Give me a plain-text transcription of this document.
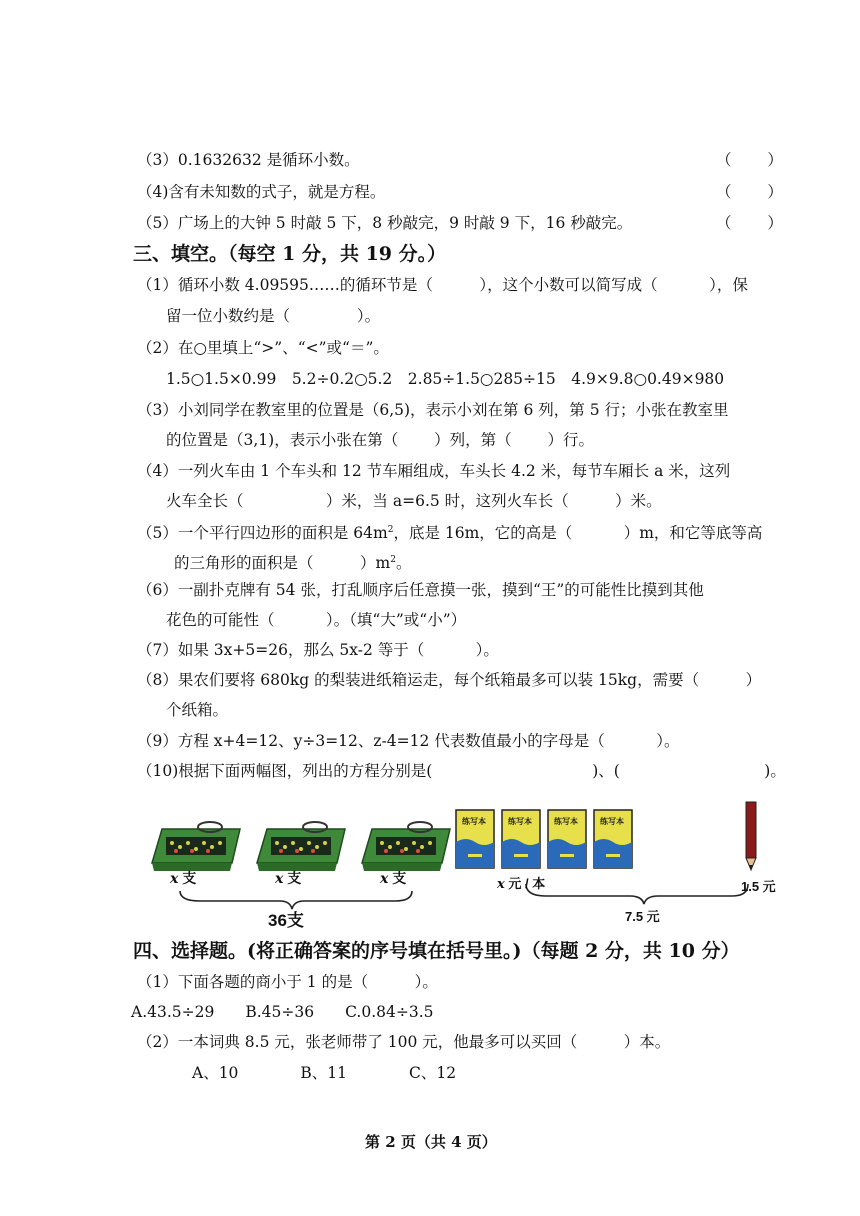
（3）0.1632632 是循环小数。	（　　 ）
（4)含有未知数的式子，就是方程。	（　　 ）
（5）广场上的大钟 5 时敲 5 下，8 秒敲完，9 时敲 9 下，16 秒敲完。	（　　 ）
三、填空。（每空 1 分，共 19 分。）
（1）循环小数 4.09595……的循环节是（　　　），这个小数可以简写成（　　　 ），保
留一位小数约是（　　　　 ）。
（2）在○里填上“>”、“<”或“＝”。
1.5○1.5×0.99　5.2÷0.2○5.2　2.85÷1.5○285÷15　4.9×9.8○0.49×980
（3）小刘同学在教室里的位置是（6,5)，表示小刘在第 6 列，第 5 行；小张在教室里
的位置是（3,1)，表示小张在第（　　 ）列，第（　　 ）行。
（4）一列火车由 1 个车头和 12 节车厢组成，车头长 4.2 米，每节车厢长 a 米，这列
火车全长（　　　　　 ）米，当 a=6.5 时，这列火车长（　　　）米。
（5）一个平行四边形的面积是 $64m^2$，底是 16m，它的高是（　　　 ）m，和它等底等高
的三角形的面积是（　　　）$m^2$。
（6）一副扑克牌有 54 张，打乱顺序后任意摸一张，摸到“王”的可能性比摸到其他
花色的可能性（　　　 ）。（填“大”或“小”）
（7）如果 3x+5=26，那么 5x-2 等于（　　　 ）。
（8）果农们要将 680kg 的梨装进纸箱运走，每个纸箱最多可以装 15kg，需要（　　　）
个纸箱。
（9）方程 x+4=12、y÷3=12、z-4=12 代表数值最小的字母是（　　　 ）。
（10)根据下面两幅图，列出的方程分别是(　　　　　　　　　　 )、(　　　　　　　　　 )。
x 支	x 支	x 支
36支
练写本	练写本	练写本	练写本
x 元 / 本	1.5 元
7.5 元
四、选择题。(将正确答案的序号填在括号里。)（每题 2 分，共 10 分）
（1）下面各题的商小于 1 的是（　　　）。
A.43.5÷29　　B.45÷36　　C.0.84÷3.5
（2）一本词典 8.5 元，张老师带了 100 元，他最多可以买回（　　　）本。
A、10　　　　B、11　　　　C、12
第 2 页（共 4 页）
